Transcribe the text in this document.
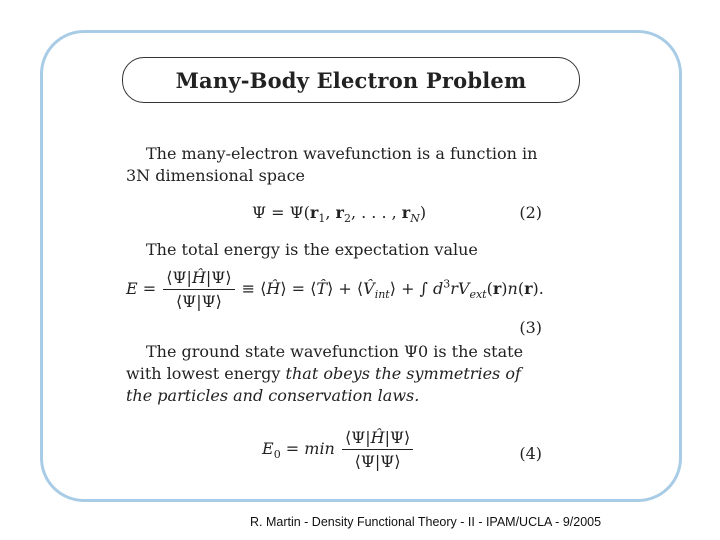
Many-Body Electron Problem
The many-electron wavefunction is a function in 3N dimensional space
$\Psi = \Psi(r_1$, $r_2$, . . . , $r_N$)	(2)
The total energy is the expectation value
$E = \frac{⟨\Psi|Ĥ|\Psi⟩}{⟨\Psi|\Psi⟩}$ ≡ ⟨Ĥ⟩ = ⟨T̂⟩ + $⟨V̂_{int}⟩$ + ∫ $d^3rV_{ext}(r)n(r)$.
(3)
The ground state wavefunction Ψ0 is the state with lowest energy that obeys the symmetries of the particles and conservation laws.
$E_0 = \min \frac{⟨\Psi|Ĥ|\Psi⟩}{⟨\Psi|\Psi⟩}$	(4)
R. Martin - Density Functional Theory - II - IPAM/UCLA - 9/2005
